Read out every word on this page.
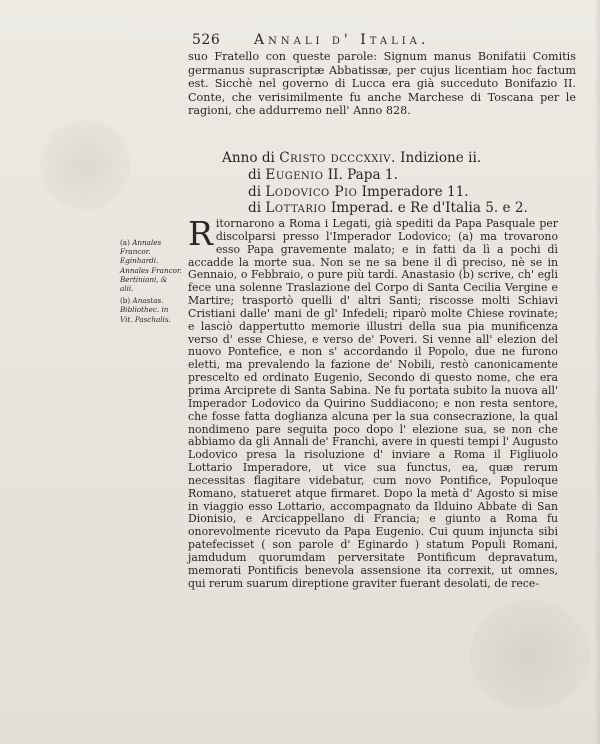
526 Annali d' Italia.

suo Fratello con queste parole: Signum manus Bonifatii Comitis germanus suprascriptæ Abbatissæ, per cujus licentiam hoc factum est. Sicchè nel governo di Lucca era già succeduto Bonifazio II. Conte, che verisimilmente fu anche Marchese di Toscana per le ragioni, che addurremo nell' Anno 828.

Anno di Cristo dcccxxiv. Indizione ii.
di Eugenio II. Papa 1.
di Lodovico Pio Imperadore 11.
di Lottario Imperad. e Re d'Italia 5. e 2.
(a) Annales Francor. Eginhardi. Annales Francor. Bertiniani, & alii.
(b) Anastas. Bibliothec. in Vit. Paschalis.

Ritornarono a Roma i Legati, già spediti da Papa Pasquale per discolparsi presso l'Imperador Lodovico; (a) ma trovarono esso Papa gravemente malato; e in fatti da lì a pochi dì accadde la morte sua. Non se ne sa bene il dì preciso, nè se in Gennaio, o Febbraio, o pure più tardi. Anastasio (b) scrive, ch' egli fece una solenne Traslazione del Corpo di Santa Cecilia Vergine e Martire; trasportò quelli d' altri Santi; riscosse molti Schiavi Cristiani dalle' mani de gl' Infedeli; riparò molte Chiese rovinate; e lasciò dappertutto memorie illustri della sua pia munificenza verso d' esse Chiese, e verso de' Poveri. Si venne all' elezion del nuovo Pontefice, e non s' accordando il Popolo, due ne furono eletti, ma prevalendo la fazione de' Nobili, restò canonicamente prescelto ed ordinato Eugenio, Secondo di questo nome, che era prima Arciprete di Santa Sabina. Ne fu portata subito la nuova all' Imperador Lodovico da Quirino Suddiacono; e non resta sentore, che fosse fatta doglianza alcuna per la sua consecrazione, la qual nondimeno pare seguita poco dopo l' elezione sua, se non che abbiamo da gli Annali de' Franchi, avere in questi tempi l' Augusto Lodovico presa la risoluzione d' inviare a Roma il Figliuolo Lottario Imperadore, ut vice sua functus, ea, quæ rerum necessitas flagitare videbatur, cum novo Pontifice, Populoque Romano, statueret atque firmaret. Dopo la metà d' Agosto si mise in viaggio esso Lottario, accompagnato da Ilduino Abbate di San Dionisio, e Arcicappellano di Francia; e giunto a Roma fu onorevolmente ricevuto da Papa Eugenio. Cui quum injuncta sibi patefecisset ( son parole d' Eginardo ) statum Populi Romani, jamdudum quorumdam perversitate Pontificum depravatum, memorati Pontificis benevola assensione ita correxit, ut omnes, qui rerum suarum direptione graviter fuerant desolati, de rece-
